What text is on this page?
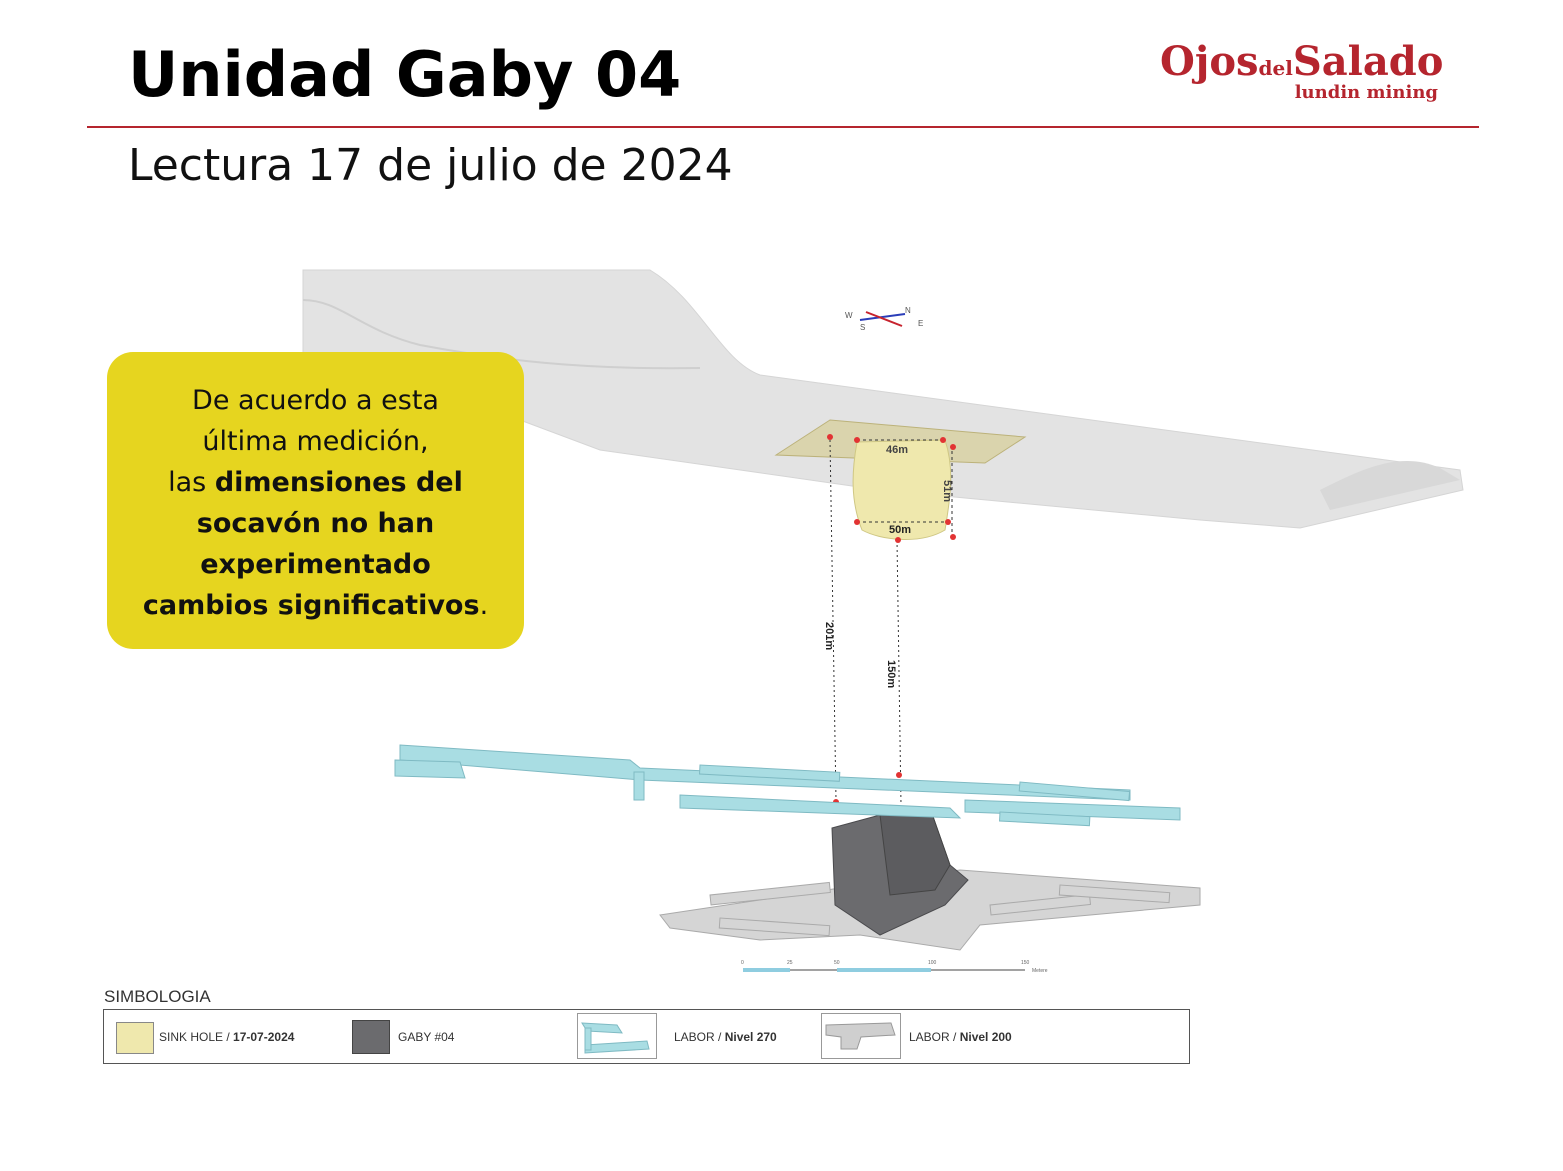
Unidad Gaby 04	OjosdelSalado
lundin mining
Lectura 17 de julio de 2024
W
N
E
S
46m
51m
50m
201m
150m
0	25	50	100	150
Metere
De acuerdo a esta
última medición,
las dimensiones del
socavón no han
experimentado
cambios significativos.
SIMBOLOGIA
SINK HOLE / 17-07-2024	GABY #04	LABOR / Nivel 270	LABOR / Nivel 200
